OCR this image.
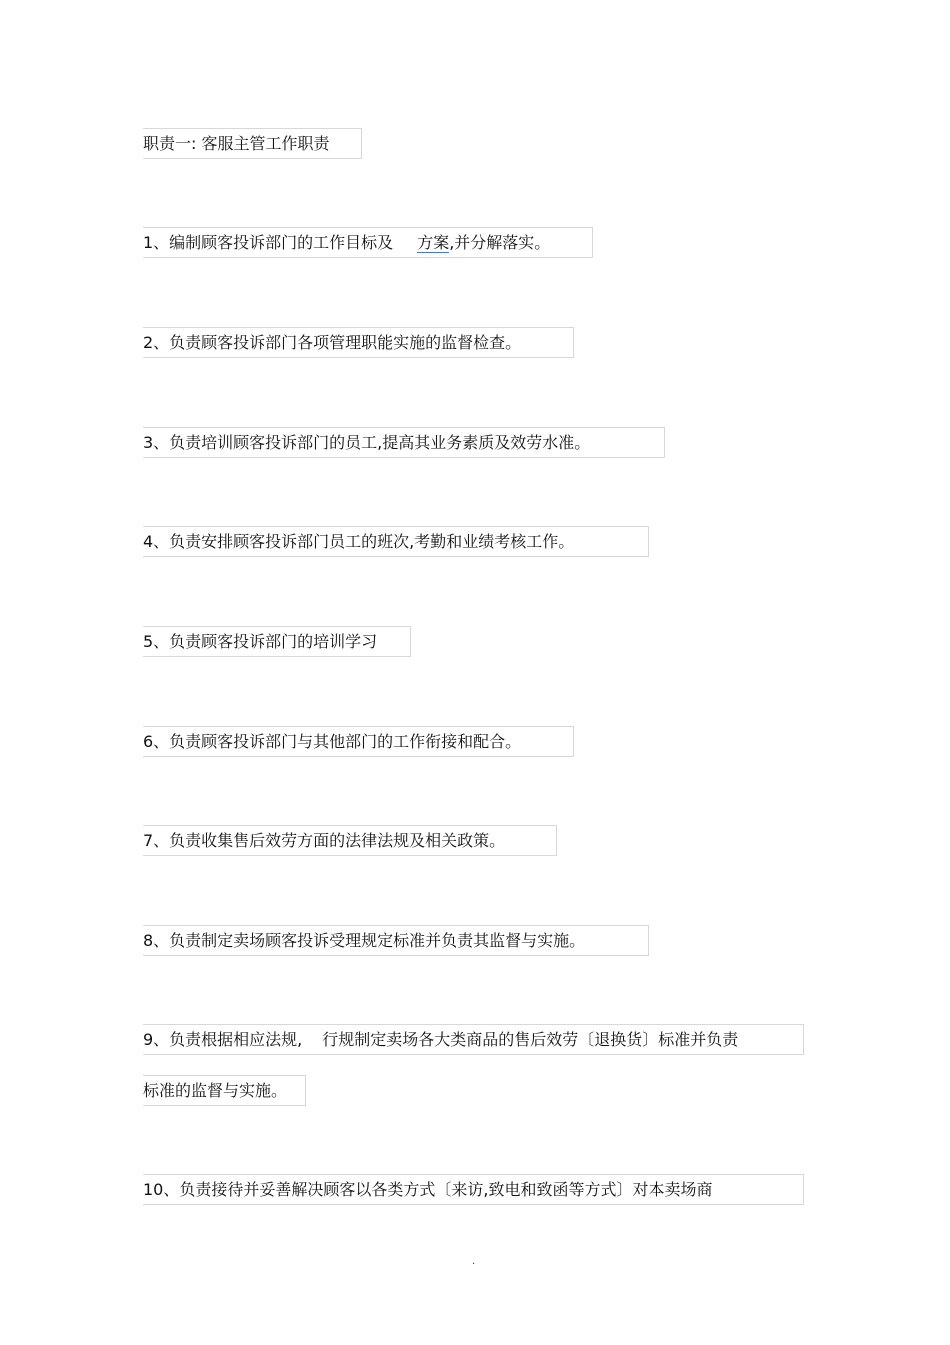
职责一: 客服主管工作职责
1、编制顾客投诉部门的工作目标及 方案,并分解落实。
2、负责顾客投诉部门各项管理职能实施的监督检查。
3、负责培训顾客投诉部门的员工,提高其业务素质及效劳水准。
4、负责安排顾客投诉部门员工的班次,考勤和业绩考核工作。
5、负责顾客投诉部门的培训学习
6、负责顾客投诉部门与其他部门的工作衔接和配合。
7、负责收集售后效劳方面的法律法规及相关政策。
8、负责制定卖场顾客投诉受理规定标准并负责其监督与实施。
9、负责根据相应法规, 行规制定卖场各大类商品的售后效劳〔退换货〕标准并负责
标准的监督与实施。
10、负责接待并妥善解决顾客以各类方式〔来访,致电和致函等方式〕对本卖场商
.
